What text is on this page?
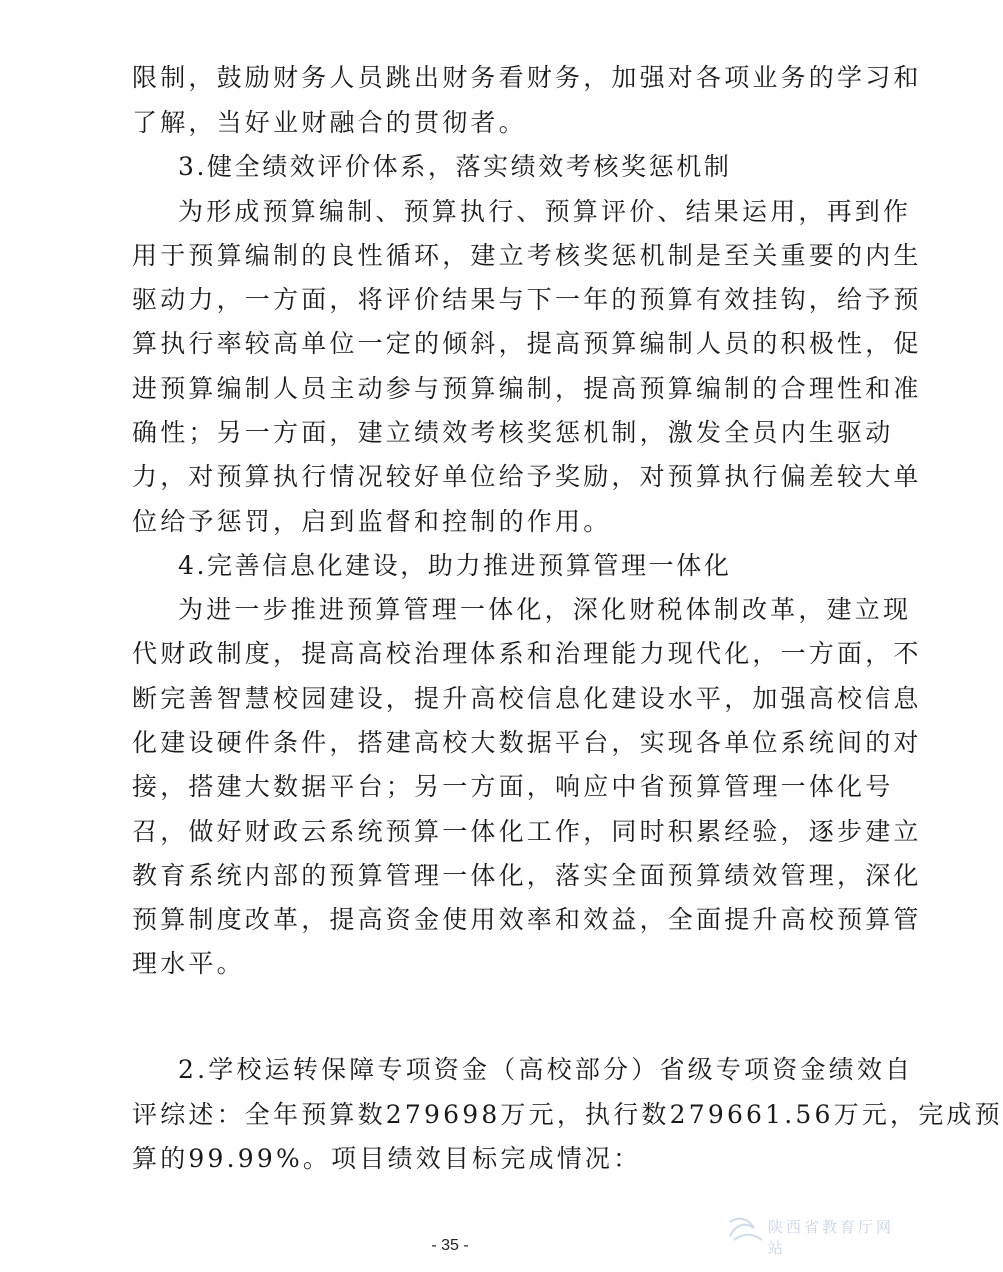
限制，鼓励财务人员跳出财务看财务，加强对各项业务的学习和
了解，当好业财融合的贯彻者。
3.健全绩效评价体系，落实绩效考核奖惩机制
为形成预算编制、预算执行、预算评价、结果运用，再到作
用于预算编制的良性循环，建立考核奖惩机制是至关重要的内生
驱动力，一方面，将评价结果与下一年的预算有效挂钩，给予预
算执行率较高单位一定的倾斜，提高预算编制人员的积极性，促
进预算编制人员主动参与预算编制，提高预算编制的合理性和准
确性；另一方面，建立绩效考核奖惩机制，激发全员内生驱动
力，对预算执行情况较好单位给予奖励，对预算执行偏差较大单
位给予惩罚，启到监督和控制的作用。
4.完善信息化建设，助力推进预算管理一体化
为进一步推进预算管理一体化，深化财税体制改革，建立现
代财政制度，提高高校治理体系和治理能力现代化，一方面，不
断完善智慧校园建设，提升高校信息化建设水平，加强高校信息
化建设硬件条件，搭建高校大数据平台，实现各单位系统间的对
接，搭建大数据平台；另一方面，响应中省预算管理一体化号
召，做好财政云系统预算一体化工作，同时积累经验，逐步建立
教育系统内部的预算管理一体化，落实全面预算绩效管理，深化
预算制度改革，提高资金使用效率和效益，全面提升高校预算管
理水平。
2.学校运转保障专项资金（高校部分）省级专项资金绩效自
评综述：全年预算数279698万元，执行数279661.56万元，完成预
算的99.99%。项目绩效目标完成情况：
- 35 -
陕西省教育厅网站
